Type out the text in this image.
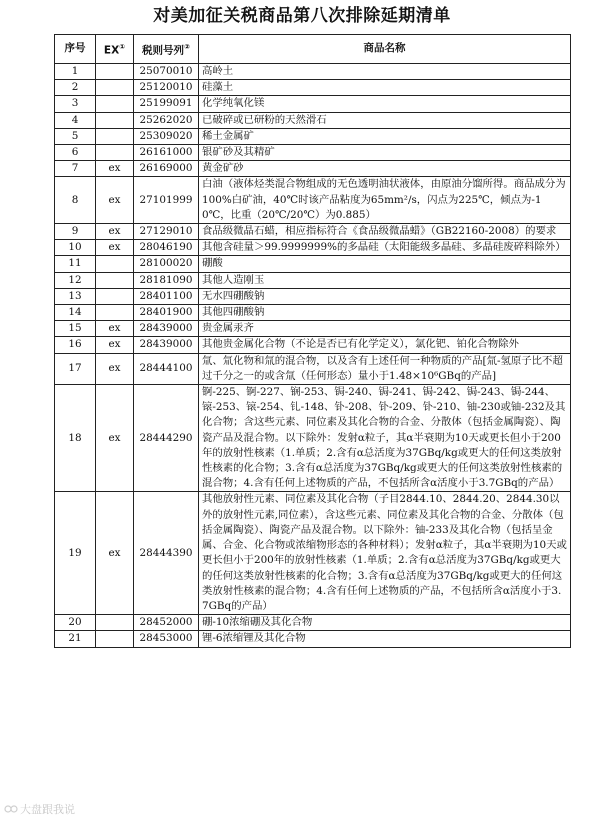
对美加征关税商品第八次排除延期清单
序号	EX①	税则号列②	商品名称
1		25070010	高岭土
2		25120010	硅藻土
3		25199091	化学纯氧化镁
4		25262020	已破碎或已研粉的天然滑石
5		25309020	稀土金属矿
6		26161000	银矿砂及其精矿
7	ex	26169000	黄金矿砂
8	ex	27101999	白油（液体烃类混合物组成的无色透明油状液体，由原油分馏所得。商品成分为100%白矿油，40℃时该产品粘度为65mm²/s，闪点为225℃，倾点为-10℃，比重（20℃/20℃）为0.885）
9	ex	27129010	食品级微晶石蜡，相应指标符合《食品级微晶蜡》（GB22160-2008）的要求
10	ex	28046190	其他含硅量＞99.9999999%的多晶硅（太阳能级多晶硅、多晶硅废碎料除外）
11		28100020	硼酸
12		28181090	其他人造刚玉
13		28401100	无水四硼酸钠
14		28401900	其他四硼酸钠
15	ex	28439000	贵金属汞齐
16	ex	28439000	其他贵金属化合物（不论是否已有化学定义），氯化钯、铂化合物除外
17	ex	28444100	氚、氚化物和氚的混合物，以及含有上述任何一种物质的产品[氚-氢原子比不超过千分之一的或含氚（任何形态）量小于1.48×10⁶GBq的产品]
18	ex	28444290	锕-225、锕-227、锎-253、锔-240、锔-241、锔-242、锔-243、锔-244、锿-253、锿-254、钆-148、钋-208、钋-209、钋-210、铀-230或铀-232及其化合物；含这些元素、同位素及其化合物的合金、分散体（包括金属陶瓷）、陶瓷产品及混合物。以下除外：发射α粒子，其α半衰期为10天或更长但小于200年的放射性核素（1.单质；2.含有α总活度为37GBq/kg或更大的任何这类放射性核素的化合物；3.含有α总活度为37GBq/kg或更大的任何这类放射性核素的混合物；4.含有任何上述物质的产品，不包括所含α活度小于3.7GBq的产品）
19	ex	28444390	其他放射性元素、同位素及其化合物（子目2844.10、2844.20、2844.30以外的放射性元素,同位素），含这些元素、同位素及其化合物的合金、分散体（包括金属陶瓷）、陶瓷产品及混合物。以下除外：铀-233及其化合物（包括呈金属、合金、化合物或浓缩物形态的各种材料）；发射α粒子，其α半衰期为10天或更长但小于200年的放射性核素（1.单质；2.含有α总活度为37GBq/kg或更大的任何这类放射性核素的化合物；3.含有α总活度为37GBq/kg或更大的任何这类放射性核素的混合物；4.含有任何上述物质的产品，不包括所含α活度小于3.7GBq的产品）
20		28452000	硼-10浓缩硼及其化合物
21		28453000	锂-6浓缩锂及其化合物
大盘跟我说
